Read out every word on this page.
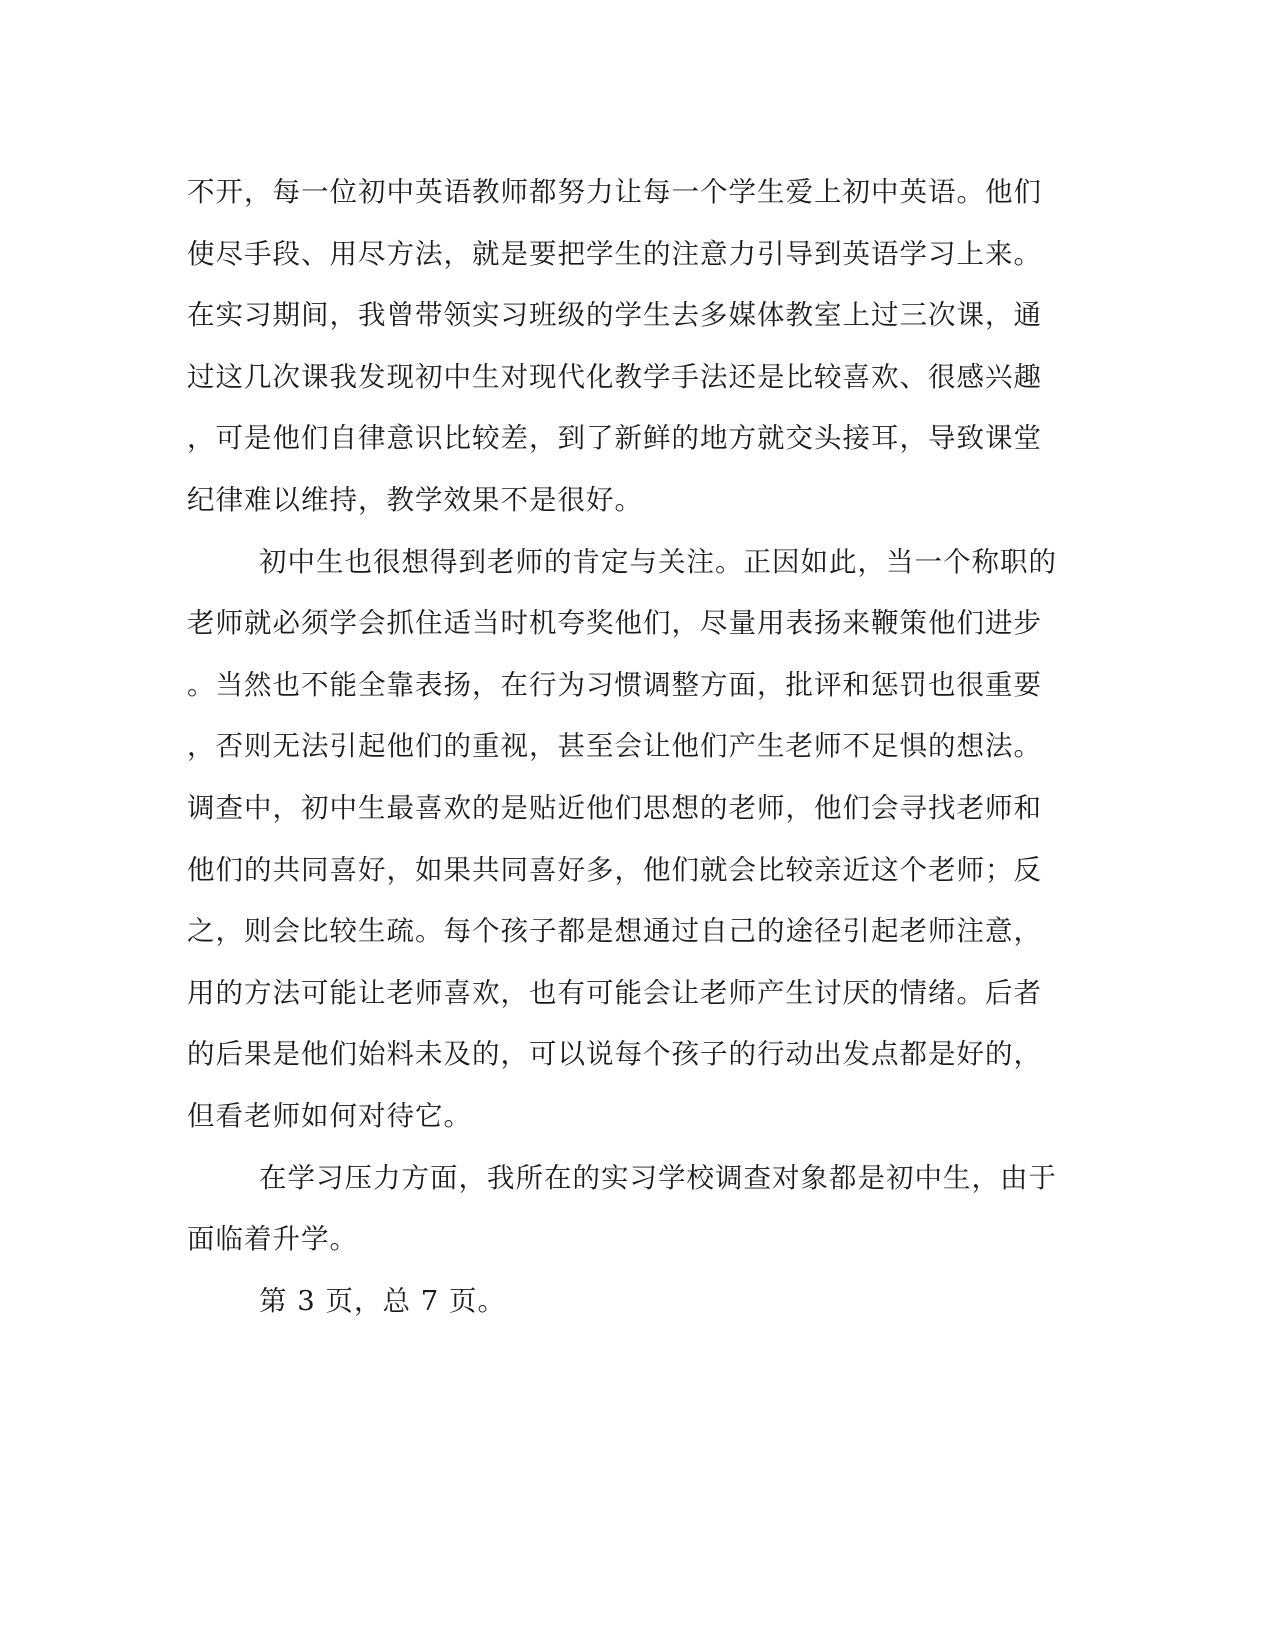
不开，每一位初中英语教师都努力让每一个学生爱上初中英语。他们
使尽手段、用尽方法，就是要把学生的注意力引导到英语学习上来。
在实习期间，我曾带领实习班级的学生去多媒体教室上过三次课，通
过这几次课我发现初中生对现代化教学手法还是比较喜欢、很感兴趣
，可是他们自律意识比较差，到了新鲜的地方就交头接耳，导致课堂
纪律难以维持，教学效果不是很好。
初中生也很想得到老师的肯定与关注。正因如此，当一个称职的
老师就必须学会抓住适当时机夸奖他们，尽量用表扬来鞭策他们进步
。当然也不能全靠表扬，在行为习惯调整方面，批评和惩罚也很重要
，否则无法引起他们的重视，甚至会让他们产生老师不足惧的想法。
调查中，初中生最喜欢的是贴近他们思想的老师，他们会寻找老师和
他们的共同喜好，如果共同喜好多，他们就会比较亲近这个老师；反
之，则会比较生疏。每个孩子都是想通过自己的途径引起老师注意，
用的方法可能让老师喜欢，也有可能会让老师产生讨厌的情绪。后者
的后果是他们始料未及的，可以说每个孩子的行动出发点都是好的，
但看老师如何对待它。
在学习压力方面，我所在的实习学校调查对象都是初中生，由于
面临着升学。
第 3 页，总 7 页。
